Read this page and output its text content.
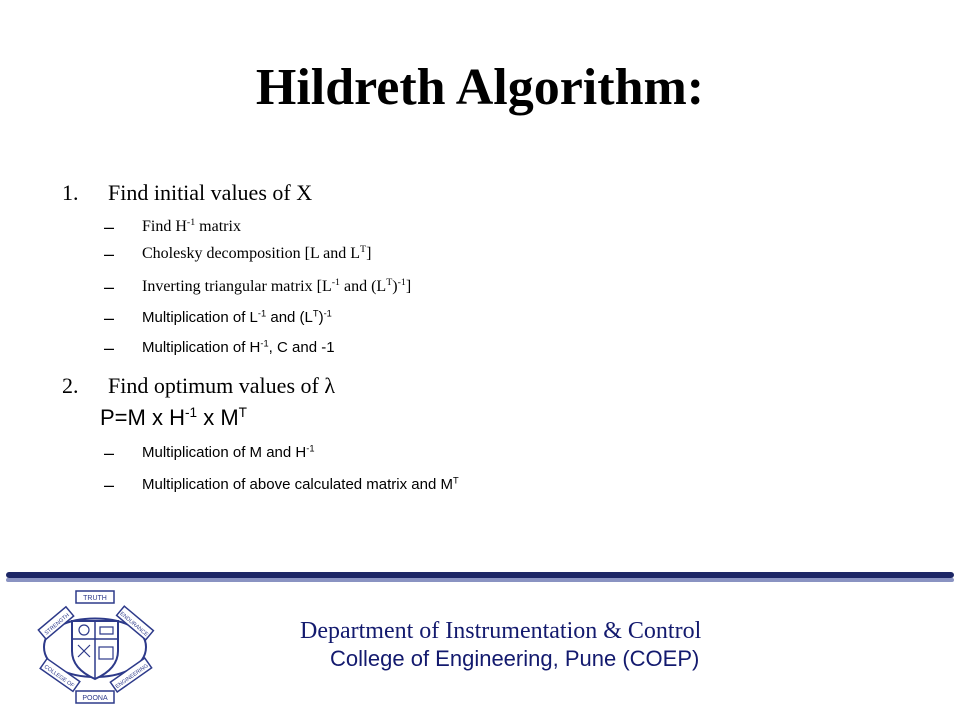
Hildreth Algorithm:
1. Find initial values of X
– Find $H^{-1}$ matrix
– Cholesky decomposition [L and $L^T$]
– Inverting triangular matrix [$L^{-1}$ and $(L^T)^{-1}$]
– Multiplication of $L^{-1}$ and $(L^T)^{-1}$
– Multiplication of $H^{-1}$, C and -1
2. Find optimum values of λ
P=M x $H^{-1}$ x $M^T$
– Multiplication of M and $H^{-1}$
– Multiplication of above calculated matrix and $M^T$
TRUTH
STRENGTH	ENDURANCE
COLLEGE OF	ENGINEERING
POONA
Department of Instrumentation & Control
College of Engineering, Pune (COEP)
